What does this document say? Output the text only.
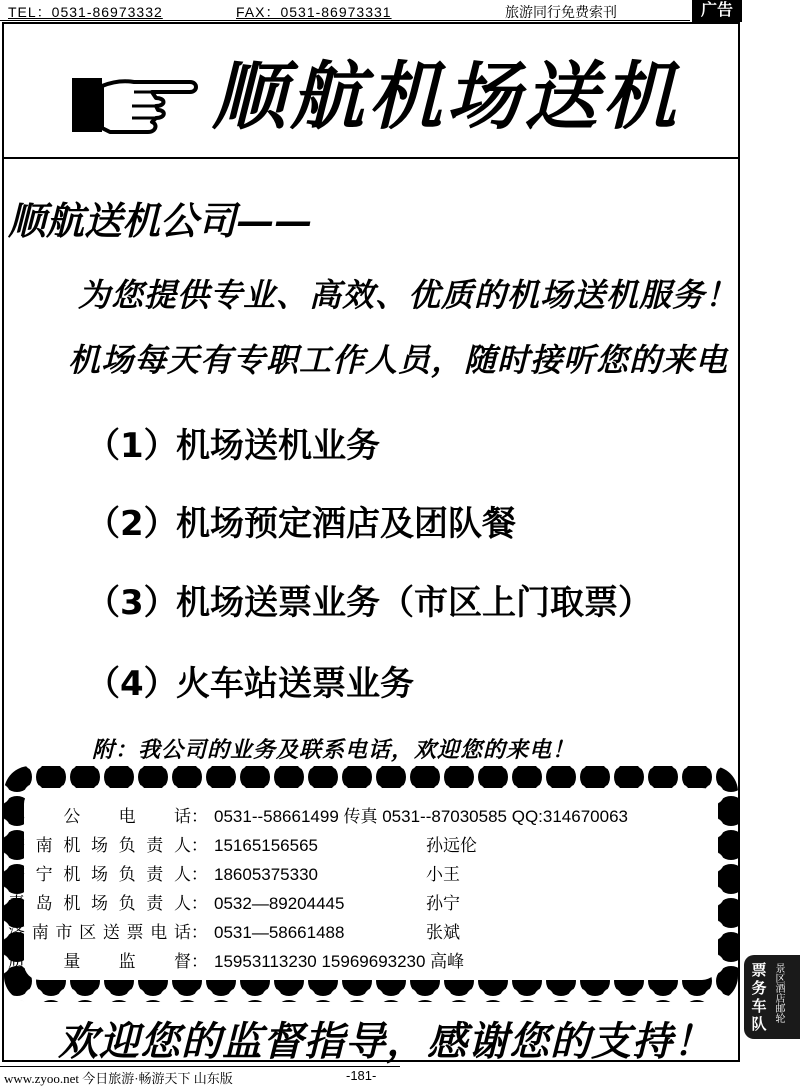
TEL：0531-86973332	FAX：0531-86973331	旅游同行免费索刊	广告
顺航机场送机
顺航送机公司——
为您提供专业、高效、优质的机场送机服务！
机场每天有专职工作人员，随时接听您的来电
（1）机场送机业务
（2）机场预定酒店及团队餐
（3）机场送票业务（市区上门取票）
（4）火车站送票业务
附：我公司的业务及联系电话，欢迎您的来电！
办 公 电 话： 0531--58661499 传真 0531--87030585 QQ:314670063
济 南 机 场 负 责 人： 15165156565	孙远伦
济 宁 机 场 负 责 人： 18605375330	小王
青 岛 机 场 负 责 人： 0532—89204445	孙宁
济 南 市 区 送 票 电 话： 0531—58661488	张斌
质 量 监 督： 15953113230 15969693230 高峰
欢迎您的监督指导，感谢您的支持！
票务车队
景区酒店邮轮
www.zyoo.net 今日旅游·畅游天下 山东版	-181-
